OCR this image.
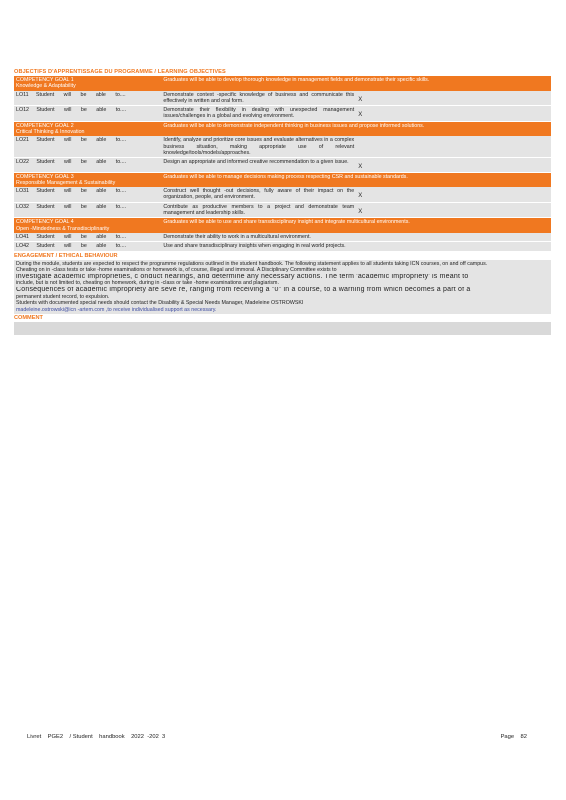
OBJECTIFS D'APPRENTISSAGE DU PROGRAMME / LEARNING OBJECTIVES
COMPETENCY GOAL 1
Knowledge & Adaptability	Graduates will be able to develop thorough knowledge in management fields and demonstrate their specific skills.	
LO11 Student will be able to....	Demonstrate context -specific knowledge of business and communicate this effectively in written and oral form.	X
LO12 Student will be able to....	Demonstrate their flexibility in dealing with unexpected management issues/challenges in a global and evolving environment.	X

COMPETENCY GOAL 2
Critical Thinking & Innovation	Graduates will be able to demonstrate independent thinking in business issues and propose informed solutions.	
LO21 Student will be able to....	Identify, analyze and prioritize core issues and evaluate alternatives in a complex business situation, making appropriate use of relevant knowledge/tools/models/approaches.	
LO22 Student will be able to....	Design an appropriate and informed creative recommendation to a given issue.	X

COMPETENCY GOAL 3
Responsible Management & Sustainability	Graduates will be able to manage decisions making process respecting CSR and sustainable standards.	
LO31 Student will be able to....	Construct well thought -out decisions, fully aware of their impact on the organization, people, and environment.	X
LO32 Student will be able to....	Contribute as productive members to a project and demonstrate team management and leadership skills.	X

COMPETENCY GOAL 4
Open -Mindedness & Transdisciplinarity	Graduates will be able to use and share transdisciplinary insight and integrate multicultural environments.	
LO41 Student will be able to....	Demonstrate their ability to work in a multicultural environment.	
LO42 Student will be able to....	Use and share transdisciplinary insights when engaging in real world projects.	
ENGAGEMENT / ETHICAL BEHAVIOUR
During the module, students are expected to respect the programme regulations outlined in the student handbook. The following statement applies to all students taking ICN courses, on and off campus.
Cheating on in -class tests or take -home examinations or homework is, of course, illegal and immoral. A Disciplinary Committee exists to
investigate academic improprieties, c onduct hearings, and determine any necessary actions. The term 'academic impropriety' is meant to
include, but is not limited to, cheating on homework, during in -class or take -home examinations and plagiarism.
Consequences of academic impropriety are seve re, ranging from receiving a "0" in a course, to a warning from which becomes a part of a
permanent student record, to expulsion.
Students with documented special needs should contact the Disability & Special Needs Manager, Madeleine OSTROWSKI
madeleine.ostrowski@icn -artem.com ,to receive individualised support as necessary.
COMMENT
Livret    PGE2    / Student    handbook    2022  -202  3	Page    82
